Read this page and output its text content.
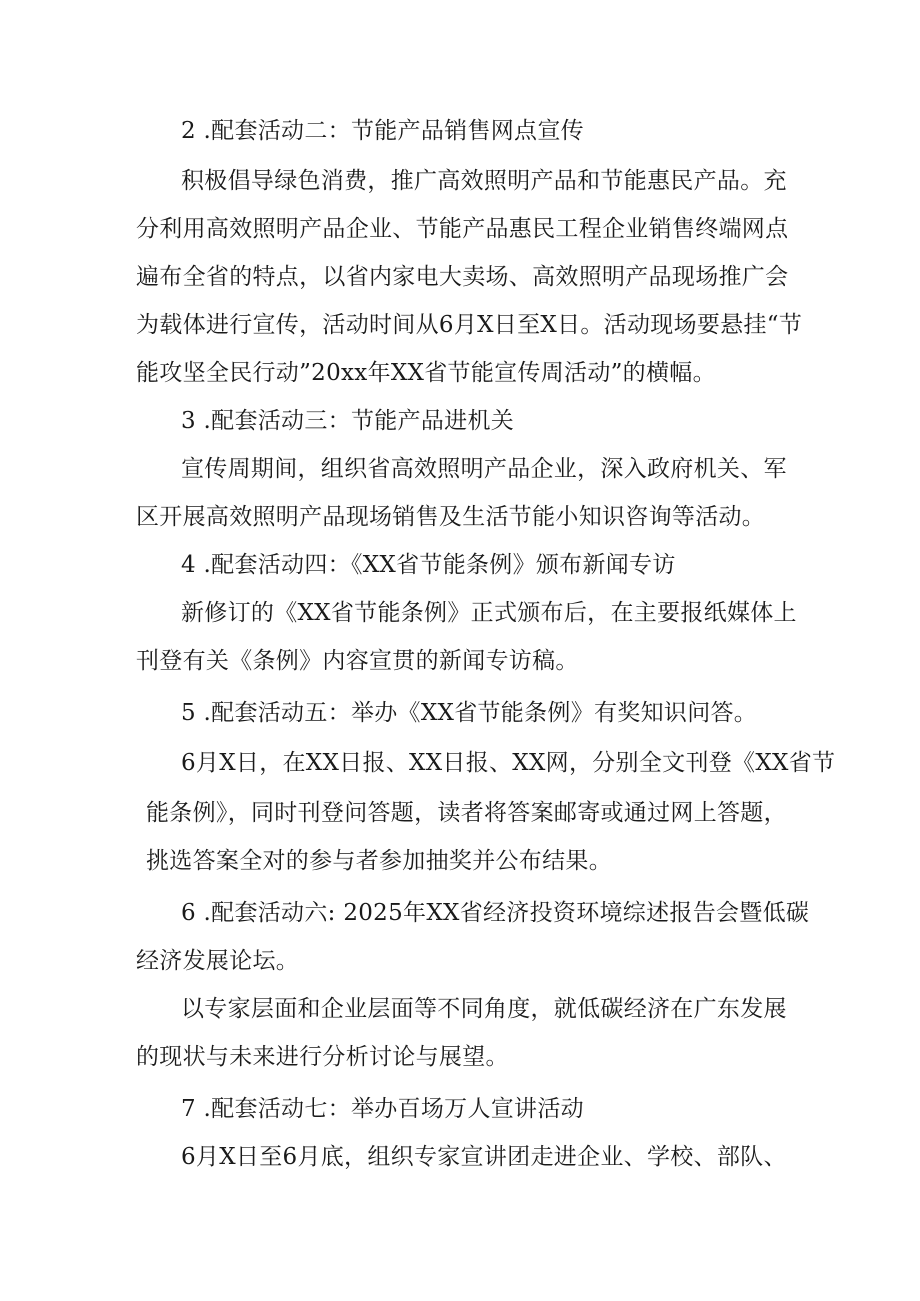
2 .配套活动二：节能产品销售网点宣传
积极倡导绿色消费，推广高效照明产品和节能惠民产品。充
分利用高效照明产品企业、节能产品惠民工程企业销售终端网点
遍布全省的特点，以省内家电大卖场、高效照明产品现场推广会
为载体进行宣传，活动时间从6月X日至X日。活动现场要悬挂“节
能攻坚全民行动”20xx年XX省节能宣传周活动”的横幅。
3 .配套活动三：节能产品进机关
宣传周期间，组织省高效照明产品企业，深入政府机关、军
区开展高效照明产品现场销售及生活节能小知识咨询等活动。
4 .配套活动四：《XX省节能条例》颁布新闻专访
新修订的《XX省节能条例》正式颁布后，在主要报纸媒体上
刊登有关《条例》内容宣贯的新闻专访稿。
5 .配套活动五：举办《XX省节能条例》有奖知识问答。
6月X日，在XX日报、XX日报、XX网，分别全文刊登《XX省节
能条例》，同时刊登问答题，读者将答案邮寄或通过网上答题，
挑选答案全对的参与者参加抽奖并公布结果。
6 .配套活动六: 2025年XX省经济投资环境综述报告会暨低碳
经济发展论坛。
以专家层面和企业层面等不同角度，就低碳经济在广东发展
的现状与未来进行分析讨论与展望。
7 .配套活动七：举办百场万人宣讲活动
6月X日至6月底，组织专家宣讲团走进企业、学校、部队、
